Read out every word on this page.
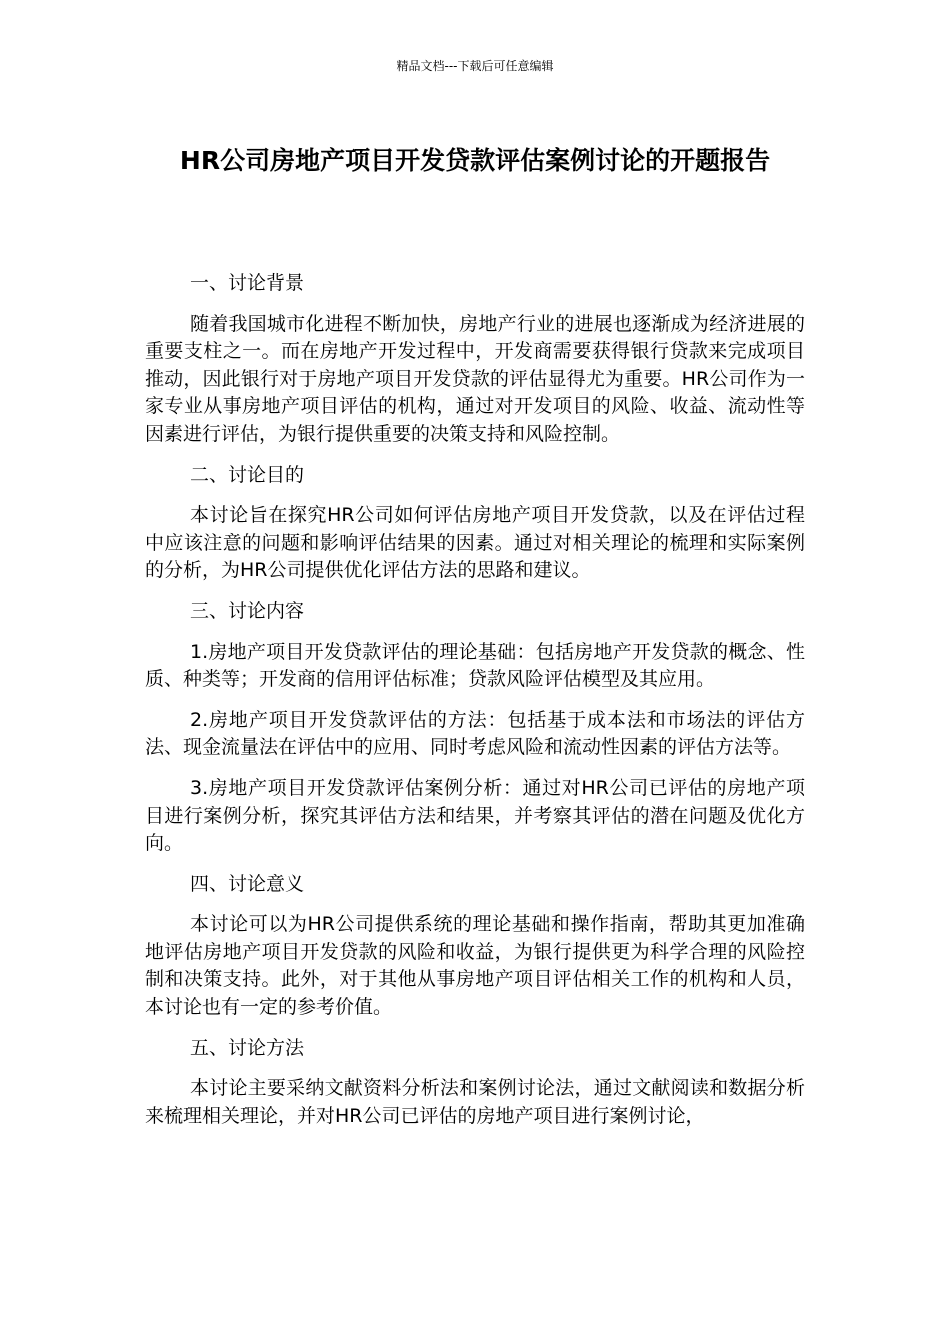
精品文档---下载后可任意编辑
HR公司房地产项目开发贷款评估案例讨论的开题报告

一、讨论背景

随着我国城市化进程不断加快，房地产行业的进展也逐渐成为经济进展的重要支柱之一。而在房地产开发过程中，开发商需要获得银行贷款来完成项目推动，因此银行对于房地产项目开发贷款的评估显得尤为重要。HR公司作为一家专业从事房地产项目评估的机构，通过对开发项目的风险、收益、流动性等因素进行评估，为银行提供重要的决策支持和风险控制。

二、讨论目的

本讨论旨在探究HR公司如何评估房地产项目开发贷款，以及在评估过程中应该注意的问题和影响评估结果的因素。通过对相关理论的梳理和实际案例的分析，为HR公司提供优化评估方法的思路和建议。

三、讨论内容

1.房地产项目开发贷款评估的理论基础：包括房地产开发贷款的概念、性质、种类等；开发商的信用评估标准；贷款风险评估模型及其应用。

2.房地产项目开发贷款评估的方法：包括基于成本法和市场法的评估方法、现金流量法在评估中的应用、同时考虑风险和流动性因素的评估方法等。

3.房地产项目开发贷款评估案例分析：通过对HR公司已评估的房地产项目进行案例分析，探究其评估方法和结果，并考察其评估的潜在问题及优化方向。

四、讨论意义

本讨论可以为HR公司提供系统的理论基础和操作指南，帮助其更加准确地评估房地产项目开发贷款的风险和收益，为银行提供更为科学合理的风险控制和决策支持。此外，对于其他从事房地产项目评估相关工作的机构和人员，本讨论也有一定的参考价值。

五、讨论方法

本讨论主要采纳文献资料分析法和案例讨论法，通过文献阅读和数据分析来梳理相关理论，并对HR公司已评估的房地产项目进行案例讨论，
